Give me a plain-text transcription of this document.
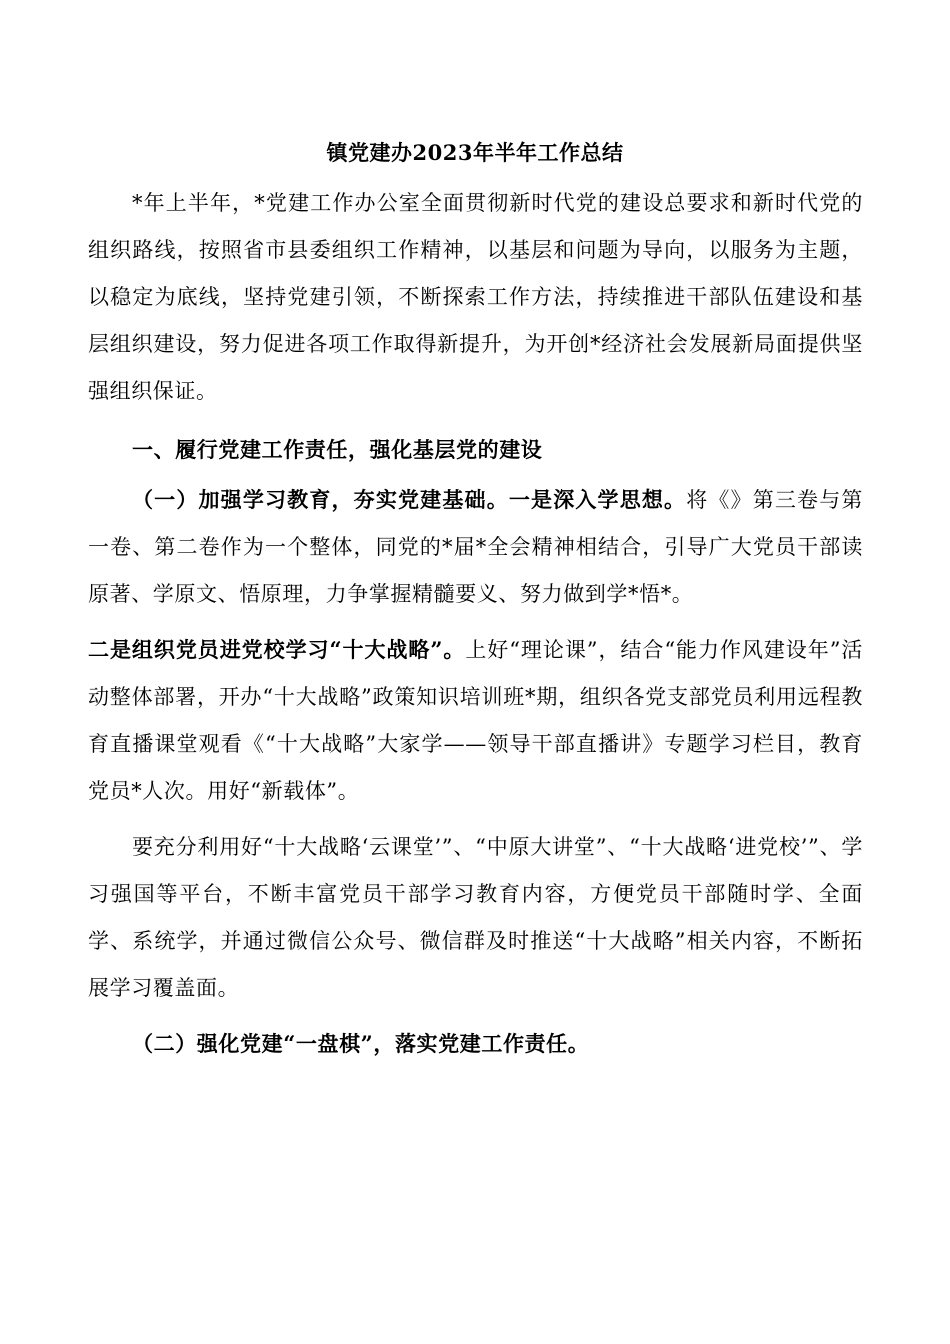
镇党建办2023年半年工作总结
*年上半年，*党建工作办公室全面贯彻新时代党的建设总要求和新时代党的组织路线，按照省市县委组织工作精神，以基层和问题为导向，以服务为主题，以稳定为底线，坚持党建引领，不断探索工作方法，持续推进干部队伍建设和基层组织建设，努力促进各项工作取得新提升，为开创*经济社会发展新局面提供坚强组织保证。
一、履行党建工作责任，强化基层党的建设
（一）加强学习教育，夯实党建基础。一是深入学思想。将《》第三卷与第一卷、第二卷作为一个整体，同党的*届*全会精神相结合，引导广大党员干部读原著、学原文、悟原理，力争掌握精髓要义、努力做到学*悟*。
二是组织党员进党校学习“十大战略”。上好“理论课”，结合“能力作风建设年”活动整体部署，开办“十大战略”政策知识培训班*期，组织各党支部党员利用远程教育直播课堂观看《“十大战略”大家学——领导干部直播讲》专题学习栏目，教育党员*人次。用好“新载体”。
要充分利用好“十大战略‘云课堂’”、“中原大讲堂”、“十大战略‘进党校’”、学习强国等平台，不断丰富党员干部学习教育内容，方便党员干部随时学、全面学、系统学，并通过微信公众号、微信群及时推送“十大战略”相关内容，不断拓展学习覆盖面。
（二）强化党建“一盘棋”，落实党建工作责任。
